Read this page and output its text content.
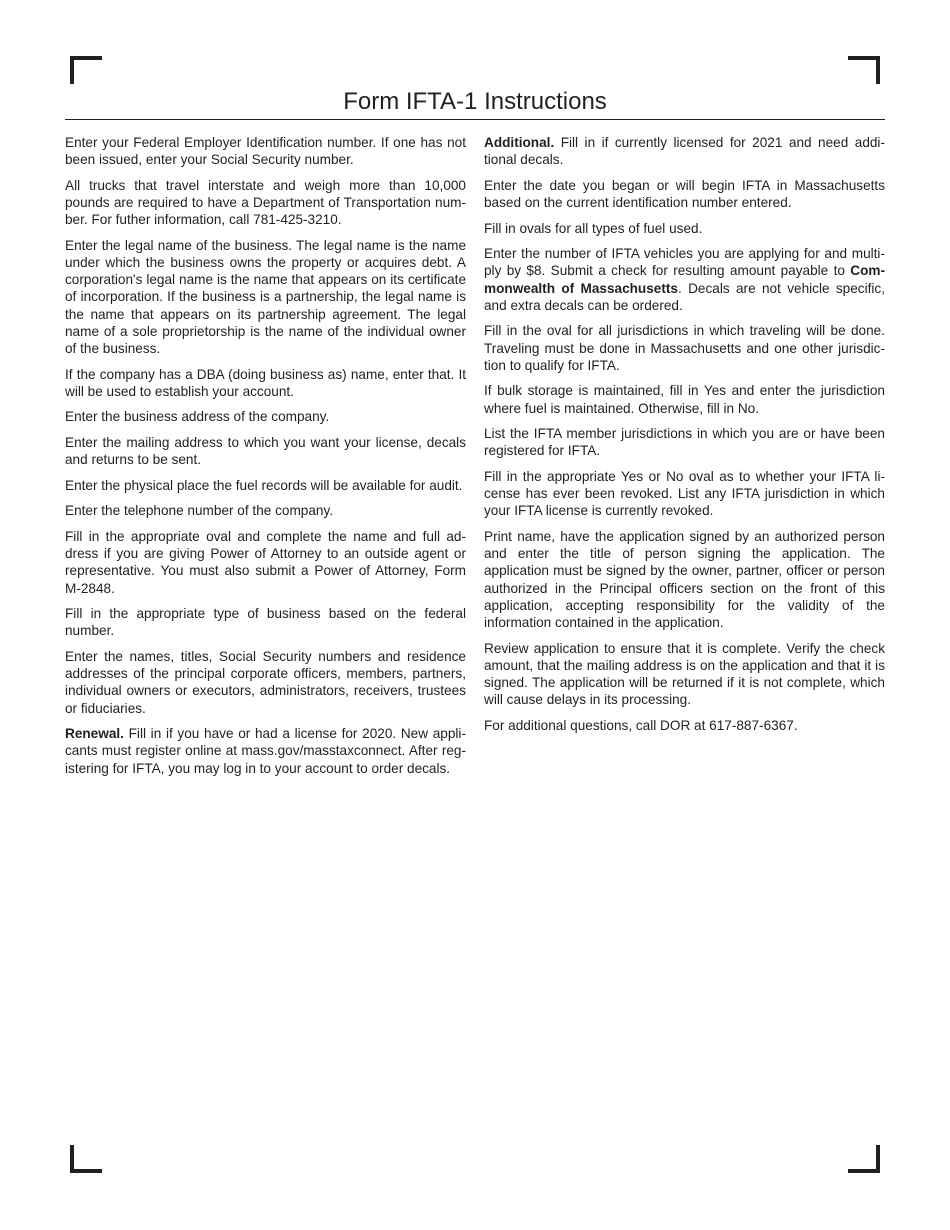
Form IFTA-1 Instructions

Enter your Federal Employer Identification number. If one has not been issued, enter your Social Security number.

All trucks that travel interstate and weigh more than 10,000 pounds are required to have a Department of Transportation number. For futher information, call 781-425-3210.

Enter the legal name of the business. The legal name is the name under which the business owns the property or acquires debt. A corporation's legal name is the name that appears on its certificate of incorporation. If the business is a partnership, the legal name is the name that appears on its partnership agreement. The legal name of a sole proprietorship is the name of the individual owner of the business.

If the company has a DBA (doing business as) name, enter that. It will be used to establish your account.

Enter the business address of the company.

Enter the mailing address to which you want your license, decals and returns to be sent.

Enter the physical place the fuel records will be available for audit.

Enter the telephone number of the company.

Fill in the appropriate oval and complete the name and full address if you are giving Power of Attorney to an outside agent or representative. You must also submit a Power of Attorney, Form M-2848.

Fill in the appropriate type of business based on the federal number.

Enter the names, titles, Social Security numbers and residence addresses of the principal corporate officers, members, partners, individual owners or executors, administrators, receivers, trustees or fiduciaries.

Renewal. Fill in if you have or had a license for 2020. New applicants must register online at mass.gov/masstaxconnect. After registering for IFTA, you may log in to your account to order decals.

Additional. Fill in if currently licensed for 2021 and need additional decals.

Enter the date you began or will begin IFTA in Massachusetts based on the current identification number entered.

Fill in ovals for all types of fuel used.

Enter the number of IFTA vehicles you are applying for and multiply by $8. Submit a check for resulting amount payable to Commonwealth of Massachusetts. Decals are not vehicle specific, and extra decals can be ordered.

Fill in the oval for all jurisdictions in which traveling will be done. Traveling must be done in Massachusetts and one other jurisdiction to qualify for IFTA.

If bulk storage is maintained, fill in Yes and enter the jurisdiction where fuel is maintained. Otherwise, fill in No.

List the IFTA member jurisdictions in which you are or have been registered for IFTA.

Fill in the appropriate Yes or No oval as to whether your IFTA license has ever been revoked. List any IFTA jurisdiction in which your IFTA license is currently revoked.

Print name, have the application signed by an authorized person and enter the title of person signing the application. The application must be signed by the owner, partner, officer or person authorized in the Principal officers section on the front of this application, accepting responsibility for the validity of the information contained in the application.

Review application to ensure that it is complete. Verify the check amount, that the mailing address is on the application and that it is signed. The application will be returned if it is not complete, which will cause delays in its processing.

For additional questions, call DOR at 617-887-6367.
